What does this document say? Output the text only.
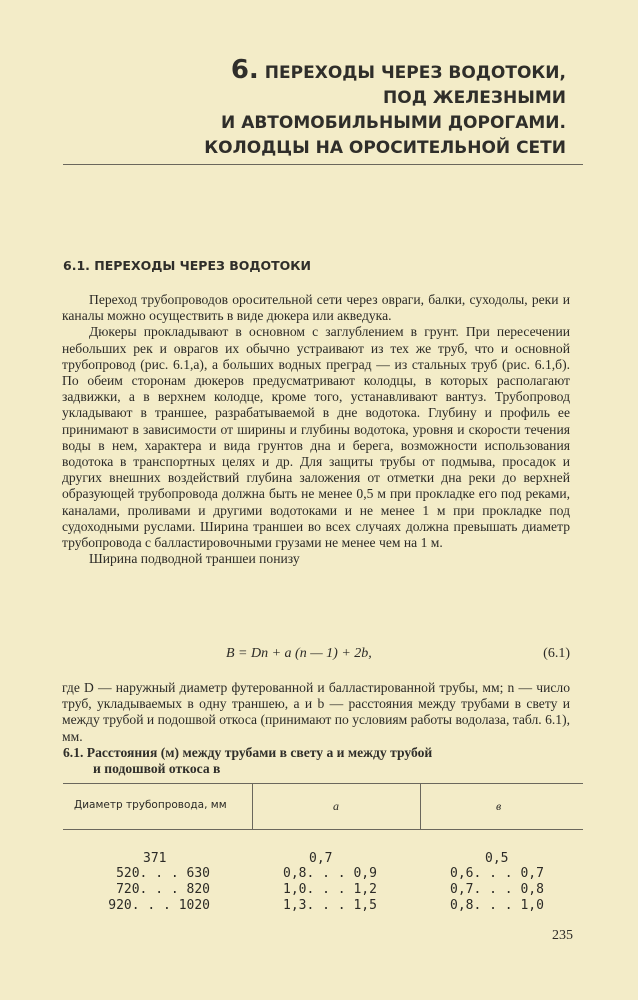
6. ПЕРЕХОДЫ ЧЕРЕЗ ВОДОТОКИ,
ПОД ЖЕЛЕЗНЫМИ
И АВТОМОБИЛЬНЫМИ ДОРОГАМИ.
КОЛОДЦЫ НА ОРОСИТЕЛЬНОЙ СЕТИ
6.1. ПЕРЕХОДЫ ЧЕРЕЗ ВОДОТОКИ

Переход трубопроводов оросительной сети через овраги, балки, суходолы, реки и каналы можно осуществить в виде дюкера или акведука.

Дюкеры прокладывают в основном с заглублением в грунт. При пересечении небольших рек и оврагов их обычно устраивают из тех же труб, что и основной трубопровод (рис. 6.1,а), а больших водных преград — из стальных труб (рис. 6.1,б). По обеим сторонам дюкеров предусматривают колодцы, в которых располагают задвижки, а в верхнем колодце, кроме того, устанавливают вантуз. Трубопровод укладывают в траншее, разрабатываемой в дне водотока. Глубину и профиль ее принимают в зависимости от ширины и глубины водотока, уровня и скорости течения воды в нем, характера и вида грунтов дна и берега, возможности использования водотока в транспортных целях и др. Для защиты трубы от подмыва, просадок и других внешних воздействий глубина заложения от отметки дна реки до верхней образующей трубопровода должна быть не менее 0,5 м при прокладке его под реками, каналами, проливами и другими водотоками и не менее 1 м при прокладке под судоходными руслами. Ширина траншеи во всех случаях должна превышать диаметр трубопровода с балластировочными грузами не менее чем на 1 м.

Ширина подводной траншеи понизу

B = Dn + a (n — 1) + 2b,	(6.1)

где D — наружный диаметр футерованной и балластированной трубы, мм; n — число труб, укладываемых в одну траншею, a и b — расстояния между трубами в свету и между трубой и подошвой откоса (принимают по условиям работы водолаза, табл. 6.1), мм.

6.1. Расстояния (м) между трубами в свету a и между трубой
и подошвой откоса в
Диаметр трубопровода, мм	a	в
371	0,7	0,5
520. . . 630	0,8. . . 0,9	0,6. . . 0,7
720. . . 820	1,0. . . 1,2	0,7. . . 0,8
920. . . 1020	1,3. . . 1,5	0,8. . . 1,0
235
